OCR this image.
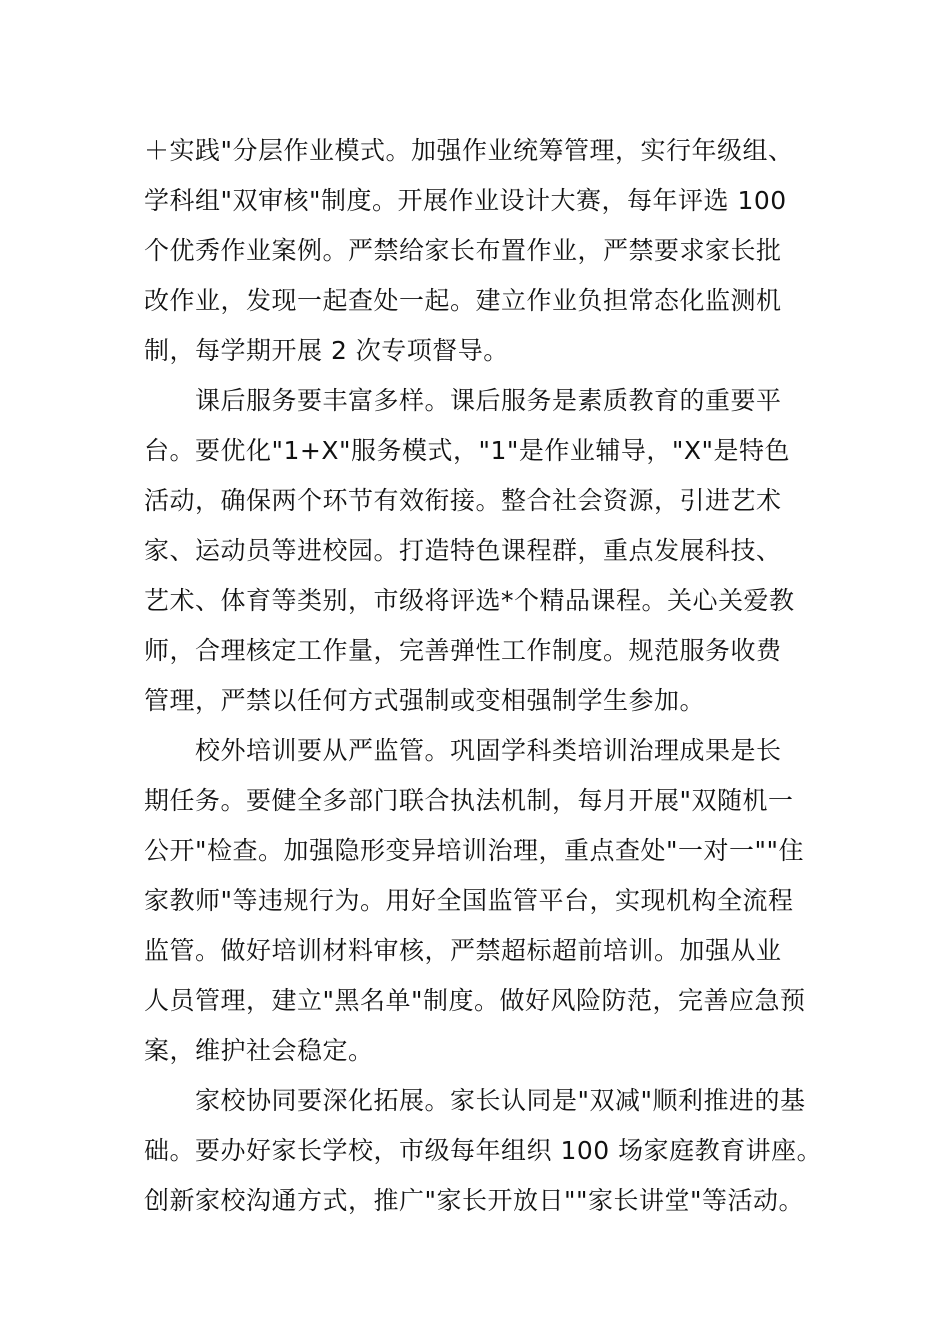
＋实践"分层作业模式。加强作业统筹管理，实行年级组、
学科组"双审核"制度。开展作业设计大赛，每年评选 100
个优秀作业案例。严禁给家长布置作业，严禁要求家长批
改作业，发现一起查处一起。建立作业负担常态化监测机
制，每学期开展 2 次专项督导。
课后服务要丰富多样。课后服务是素质教育的重要平
台。要优化"1+X"服务模式，"1"是作业辅导，"X"是特色
活动，确保两个环节有效衔接。整合社会资源，引进艺术
家、运动员等进校园。打造特色课程群，重点发展科技、
艺术、体育等类别，市级将评选*个精品课程。关心关爱教
师，合理核定工作量，完善弹性工作制度。规范服务收费
管理，严禁以任何方式强制或变相强制学生参加。
校外培训要从严监管。巩固学科类培训治理成果是长
期任务。要健全多部门联合执法机制，每月开展"双随机一
公开"检查。加强隐形变异培训治理，重点查处"一对一""住
家教师"等违规行为。用好全国监管平台，实现机构全流程
监管。做好培训材料审核，严禁超标超前培训。加强从业
人员管理，建立"黑名单"制度。做好风险防范，完善应急预
案，维护社会稳定。
家校协同要深化拓展。家长认同是"双减"顺利推进的基
础。要办好家长学校，市级每年组织 100 场家庭教育讲座。
创新家校沟通方式，推广"家长开放日""家长讲堂"等活动。
